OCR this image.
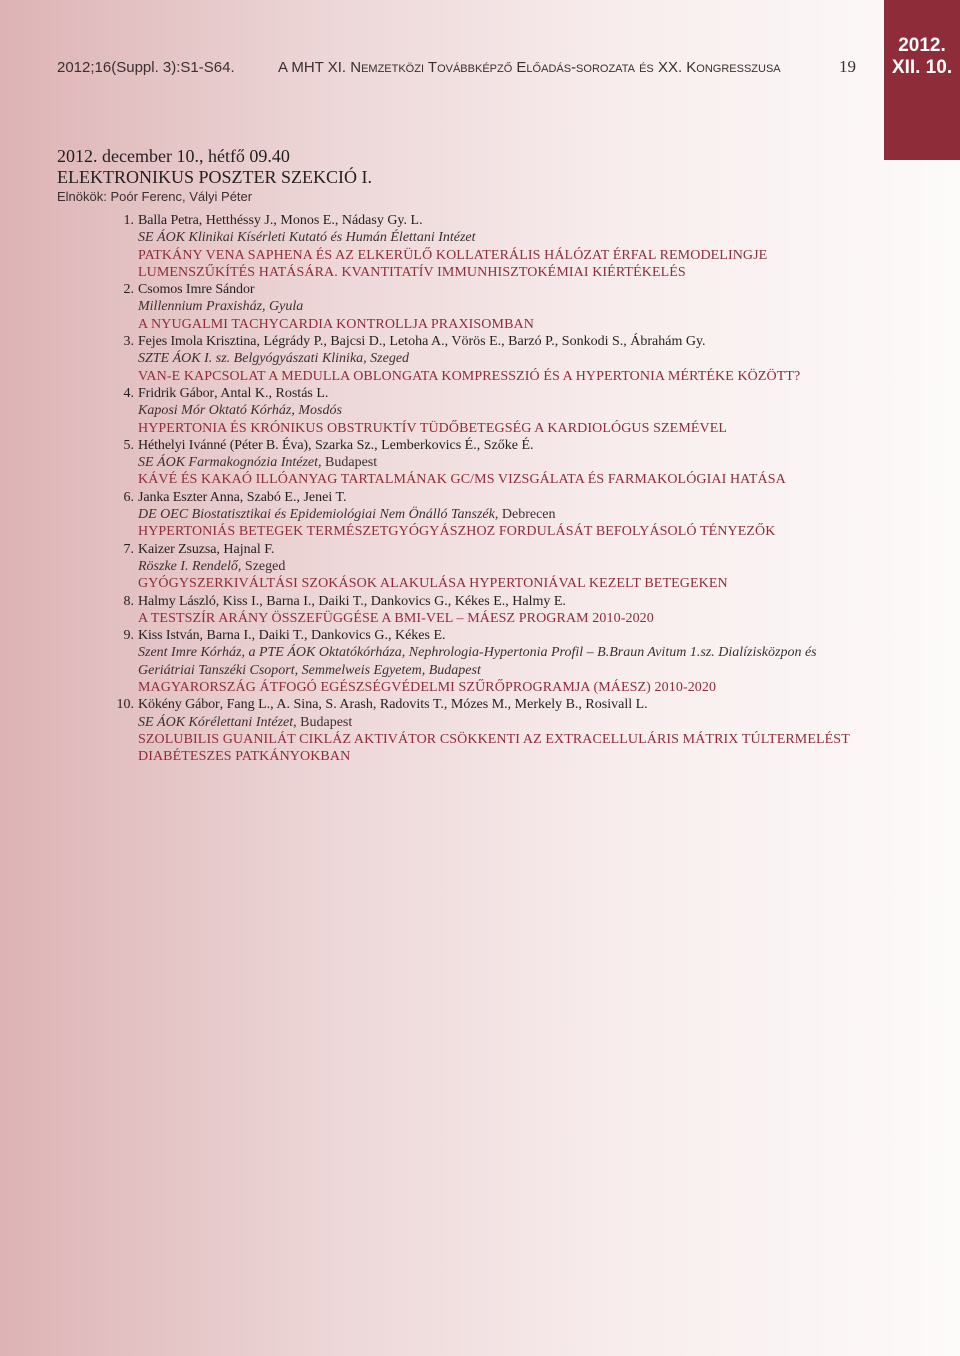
2012.
XII. 10.
2012;16(Suppl. 3):S1-S64.	A MHT XI. Nemzetközi Továbbképző Előadás-sorozata és XX. Kongresszusa	19
2012. december 10., hétfő 09.40
ELEKTRONIKUS POSZTER SZEKCIÓ I.
Elnökök: Poór Ferenc, Vályi Péter
1. Balla Petra, Hetthéssy J., Monos E., Nádasy Gy. L.
SE ÁOK Klinikai Kísérleti Kutató és Humán Élettani Intézet
PATKÁNY VENA SAPHENA ÉS AZ ELKERÜLŐ KOLLATERÁLIS HÁLÓZAT ÉRFAL REMODELINGJE LUMENSZŰKÍTÉS HATÁSÁRA. KVANTITATÍV IMMUNHISZTOKÉMIAI KIÉRTÉKELÉS
2. Csomos Imre Sándor
Millennium Praxisház, Gyula
A NYUGALMI TACHYCARDIA KONTROLLJA PRAXISOMBAN
3. Fejes Imola Krisztina, Légrády P., Bajcsi D., Letoha A., Vörös E., Barzó P., Sonkodi S., Ábrahám Gy.
SZTE ÁOK I. sz. Belgyógyászati Klinika, Szeged
VAN-E KAPCSOLAT A MEDULLA OBLONGATA KOMPRESSZIÓ ÉS A HYPERTONIA MÉRTÉKE KÖZÖTT?
4. Fridrik Gábor, Antal K., Rostás L.
Kaposi Mór Oktató Kórház, Mosdós
HYPERTONIA ÉS KRÓNIKUS OBSTRUKTÍV TÜDŐBETEGSÉG A KARDIOLÓGUS SZEMÉVEL
5. Héthelyi Ivánné (Péter B. Éva), Szarka Sz., Lemberkovics É., Szőke É.
SE ÁOK Farmakognózia Intézet, Budapest
KÁVÉ ÉS KAKAÓ ILLÓANYAG TARTALMÁNAK GC/MS VIZSGÁLATA ÉS FARMAKOLÓGIAI HATÁSA
6. Janka Eszter Anna, Szabó E., Jenei T.
DE OEC Biostatisztikai és Epidemiológiai Nem Önálló Tanszék, Debrecen
HYPERTONIÁS BETEGEK TERMÉSZETGYÓGYÁSZHOZ FORDULÁSÁT BEFOLYÁSOLÓ TÉNYEZŐK
7. Kaizer Zsuzsa, Hajnal F.
Röszke I. Rendelő, Szeged
GYÓGYSZERKIVÁLTÁSI SZOKÁSOK ALAKULÁSA HYPERTONIÁVAL KEZELT BETEGEKEN
8. Halmy László, Kiss I., Barna I., Daiki T., Dankovics G., Kékes E., Halmy E.
A TESTSZÍR ARÁNY ÖSSZEFÜGGÉSE A BMI-VEL – MÁESZ PROGRAM 2010-2020
9. Kiss István, Barna I., Daiki T., Dankovics G., Kékes E.
Szent Imre Kórház, a PTE ÁOK Oktatókórháza, Nephrologia-Hypertonia Profil – B.Braun Avitum 1.sz. Dialízisközpon és Geriátriai Tanszéki Csoport, Semmelweis Egyetem, Budapest
MAGYARORSZÁG ÁTFOGÓ EGÉSZSÉGVÉDELMI SZŰRŐPROGRAMJA (MÁESZ) 2010-2020
10. Kökény Gábor, Fang L., A. Sina, S. Arash, Radovits T., Mózes M., Merkely B., Rosivall L.
SE ÁOK Kórélettani Intézet, Budapest
SZOLUBILIS GUANILÁT CIKLÁZ AKTIVÁTOR CSÖKKENTI AZ EXTRACELLULÁRIS MÁTRIX TÚLTERMELÉST DIABÉTESZES PATKÁNYOKBAN
